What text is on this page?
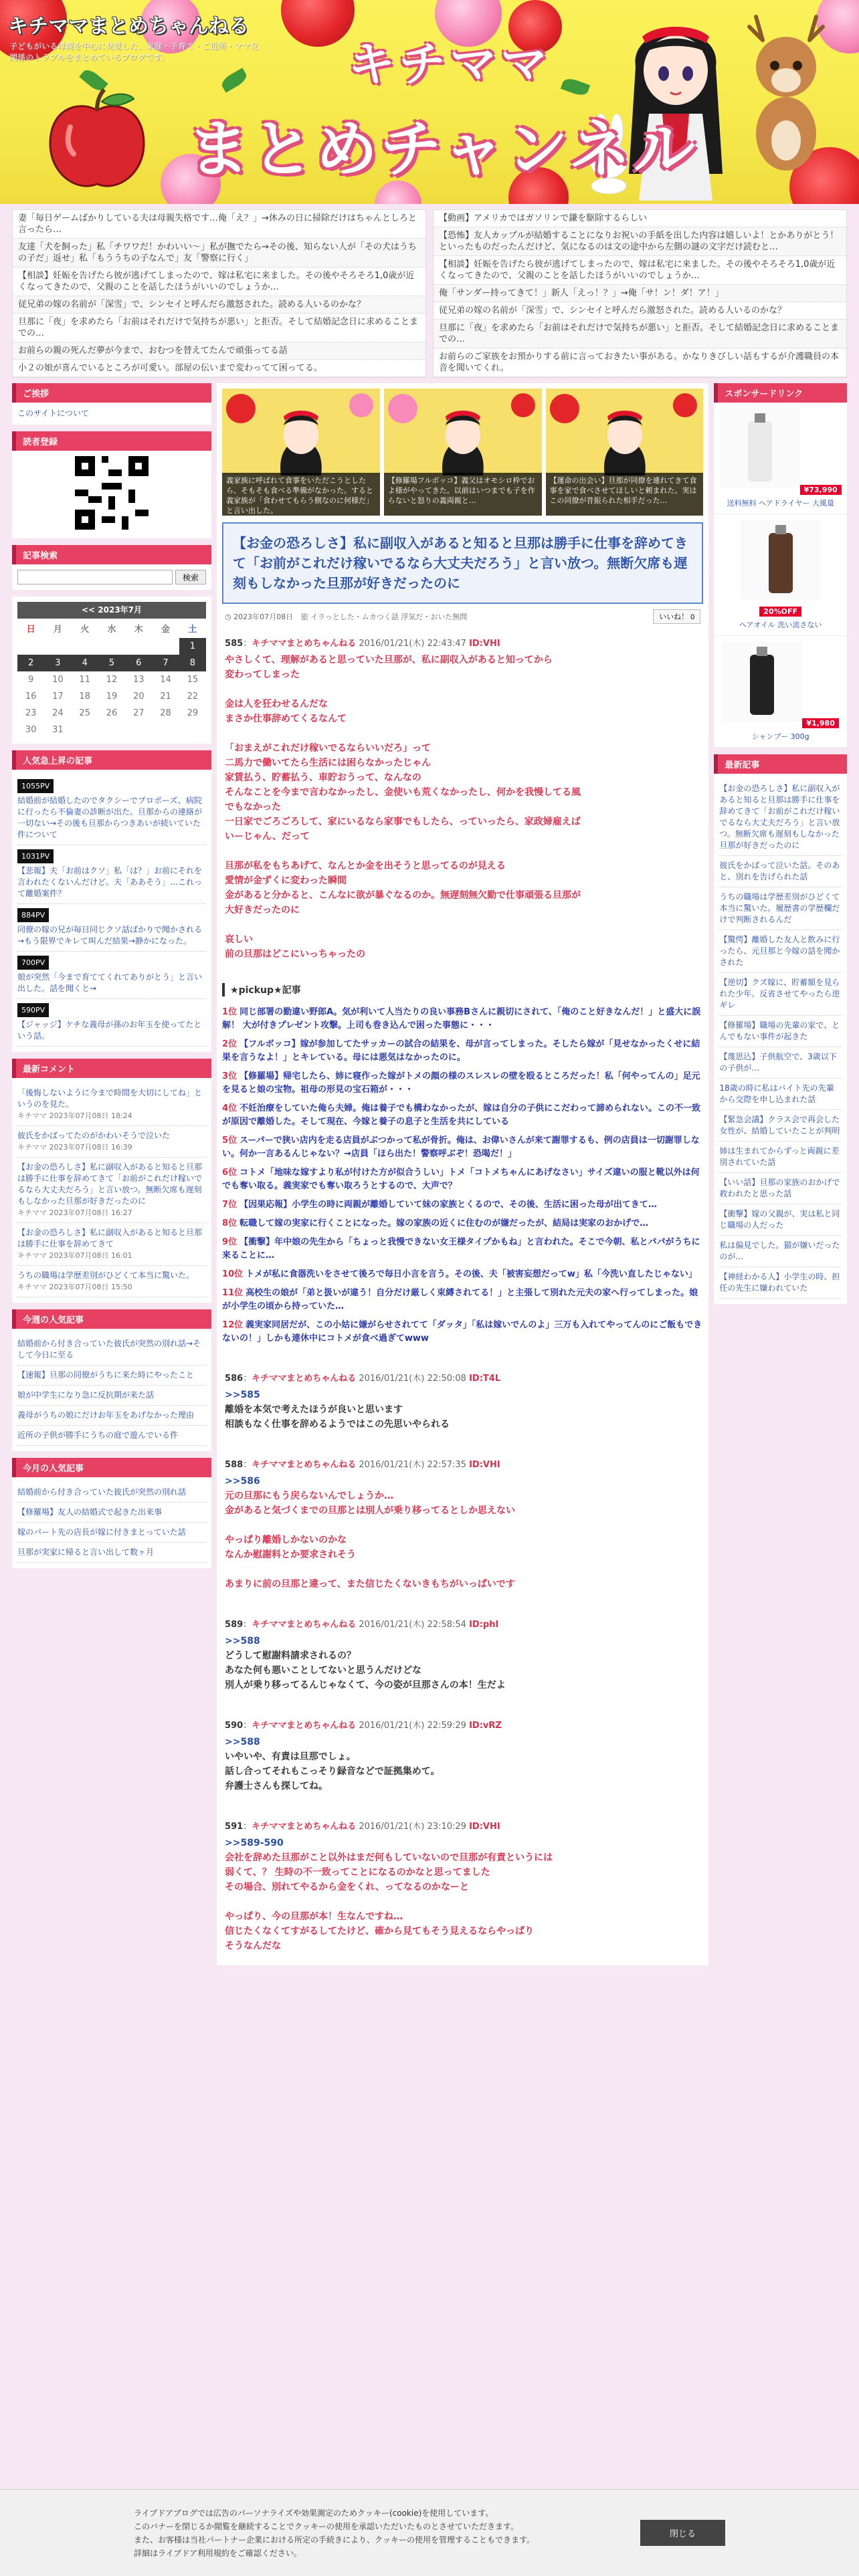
キチママまとめちゃんねる
子どもがいる母親を中心に発覚した、家庭・子育て・ご近所・ママ友関係のトラブルをまとめているブログです。	キチママ
まとめチャンネル
妻「毎日ゲームばかりしている夫は母親失格です…俺「え？」→休みの日に掃除だけはちゃんとしろと言ったら…
友達「犬を飼った」私「チワワだ！かわいい〜」私が撫でたら→その後、知らない人が「その犬はうちの子だ」返せ」私「もううちの子なんで」友「警察に行く」
【相談】妊娠を告げたら彼が逃げてしまったので、嫁は私宅に来ました。その後やそろそろ1,0歳が近くなってきたので、父親のことを話したほうがいいのでしょうか…
従兄弟の嫁の名前が「深雪」で、シンセイと呼んだら激怒された。読める人いるのかな？
旦那に「夜」を求めたら「お前はそれだけで気持ちが悪い」と拒否。そして結婚記念日に求めることまでの…
お前らの親の死んだ夢が今まで、おむつを替えてたんで頑張ってる話
小２の娘が喜んでいるところが可愛い。部屋の伝いまで変わってて困ってる。
【動画】アメリカではガソリンで鎌を駆除するらしい
【恐怖】友人カップルが結婚することになりお祝いの手紙を出した内容は嬉しいよ！とかありがとう！といったものだったんだけど、気になるのは文の途中から左側の謎の文字だけ読むと…
【相談】妊娠を告げたら彼が逃げてしまったので、嫁は私宅に来ました。その後やそろそろ1,0歳が近くなってきたので、父親のことを話したほうがいいのでしょうか…
俺「サンダー持ってきて！」新人「えっ！？」→俺「サ！ン！ダ！ア！」
従兄弟の嫁の名前が「深雪」で、シンセイと呼んだら激怒された。読める人いるのかな？
旦那に「夜」を求めたら「お前はそれだけで気持ちが悪い」と拒否。そして結婚記念日に求めることまでの…
お前らのご家族をお預かりする前に言っておきたい事がある。かなりきびしい話もするが介護職員の本音を聞いてくれ。
ご挨拶
このサイトについて
読者登録
記事検索
検索
<< 2023年7月
日	月	火	水	木	金	土
						1
2	3	4	5	6	7	8
9	10	11	12	13	14	15
16	17	18	19	20	21	22
23	24	25	26	27	28	29
30	31					
人気急上昇の記事
1055PV
結婚前が結婚したのでタクシーでプロポーズ、病院に行ったら不倫妻の診断が出た。旦那からの連絡が一切ない→その後も旦那からつきあいが続いていた件について
1031PV
【悲報】夫「お前はクソ」私「は？」お前にそれを言われたくないんだけど。夫「ああそう」…これって離婚案件？
884PV
同僚の嫁の兄が毎日同じクソ話ばかりで聞かされる→もう限界でキレて叫んだ結果→静かになった。
700PV
娘が突然「今まで育ててくれてありがとう」と言い出した。話を聞くと→
590PV
【ジャッジ】ケチな義母が孫のお年玉を使ってたという話。
最新コメント
「後悔しないように今まで時間を大切にしてね」というのを見た。
キチママ 2023年07月08日 18:24
彼氏をかばってたのがかわいそうで泣いた
キチママ 2023年07月08日 16:39
【お金の恐ろしさ】私に副収入があると知ると旦那は勝手に仕事を辞めてきて「お前がこれだけ稼いでるなら大丈夫だろう」と言い放つ。無断欠席も遅刻もしなかった旦那が好きだったのに
キチママ 2023年07月08日 16:27
【お金の恐ろしさ】私に副収入があると知ると旦那は勝手に仕事を辞めてきて
キチママ 2023年07月08日 16:01
うちの職場は学歴差別がひどくて本当に驚いた。
キチママ 2023年07月08日 15:50
今週の人気記事
結婚前から付き合っていた彼氏が突然の別れ話→そして今日に至る
【速報】旦那の同僚がうちに来た時にやったこと
娘が中学生になり急に反抗期が来た話
義母がうちの娘にだけお年玉をあげなかった理由
近所の子供が勝手にうちの庭で遊んでいる件
今月の人気記事
結婚前から付き合っていた彼氏が突然の別れ話
【修羅場】友人の結婚式で起きた出来事
嫁のパート先の店長が嫁に付きまとっていた話
旦那が実家に帰ると言い出して数ヶ月
義家族に呼ばれて食事をいただこうとしたら、そもそも食べる準備がなかった。すると義家族が「食わせてもらう側なのに何様だ」と言い出した。
【修羅場フルボッコ】義父はオモシロ枠でおよ様がやってきた。以前はいつまでも子を作らないと怒りの義両親と…
【運命の出会い】旦那が同僚を連れてきて食事を家で食べさせてほしいと頼まれた。実はこの同僚が昔振られた相手だった…
【お金の恐ろしさ】私に副収入があると知ると旦那は勝手に仕事を辞めてきて「お前がこれだけ稼いでるなら大丈夫だろう」と言い放つ。無断欠席も遅刻もしなかった旦那が好きだったのに
◷ 2023年07月08日 旅 イラっとした・ムカつく話 浮気だ・おいた無問	いいね！ 0
585：キチママまとめちゃんねる 2016/01/21(木) 22:43:47 ID:VHI

やさしくて、理解があると思っていた旦那が、私に副収入があると知ってから

変わってしまった

金は人を狂わせるんだな

まさか仕事辞めてくるなんて

「おまえがこれだけ稼いでるならいいだろ」って

二馬力で働いてたら生活には困らなかったじゃん

家賃払う、貯蓄払う、車貯おうって、なんなの

そんなことを今まで言わなかったし、金使いも荒くなかったし、何かを我慢してる風

でもなかった

一日家でごろごろして、家にいるなら家事でもしたら、っていったら、家政婦雇えば

いーじゃん、だって

旦那が私をもちあげて、なんとか金を出そうと思ってるのが見える

愛情が金ずくに変わった瞬間

金があると分かると、こんなに欲が暴ぐなるのか。無遅刻無欠勤で仕事頑張る旦那が

大好きだったのに

哀しい

前の旦那はどこにいっちゃったの

★pickup★記事
1位 同じ部署の勤違い野郎A。気が利いて人当たりの良い事務Bさんに親切にされて、「俺のこと好きなんだ！」と盛大に誤解！ 大が付きプレゼント攻撃。上司も巻き込んで困った事態に・・・
2位 【フルボッコ】嫁が参加してたサッカーの試合の結果を、母が言ってしまった。そしたら嫁が「見せなかったくせに結果を言うなよ！」とキレている。母には悪気はなかったのに。
3位 【修羅場】帰宅したら、姉に寝作った嫁がトメの顔の様のスレスレの壁を殴るところだった！私「何やってんの」足元を見ると娘の宝物。祖母の形見の宝石箱が・・・
4位 不妊治療をしていた俺ら夫婦。俺は養子でも構わなかったが、嫁は自分の子供にこだわって諦められない。この不一致が原因で離婚した。そして現在、今嫁と養子の息子と生活を共にしている
5位 スーパーで狭い店内を走る店員がぶつかって私が骨折。俺は、お偉いさんが来て謝罪するも、例の店員は一切謝罪しない。何か一言あるんじゃない？→店員「ほら出た！警察呼ぶぞ！恐喝だ！」
6位 コトメ「地味な嫁すより私が付けた方が似合うしい」トメ「コトメちゃんにあげなさい」サイズ違いの服と靴以外は何でも奪い取る。義実家でも奪い取ろうとするので、大声で？
7位 【因果応報】小学生の時に両親が離婚していて妹の家族とくるので、その後、生活に困った母が出てきて…
8位 転職して嫁の実家に行くことになった。嫁の家族の近くに住むのが嫌だったが、結局は実家のおかげで…
9位 【衝撃】年中娘の先生から「ちょっと我慢できない女王様タイプかもね」と言われた。そこで今朝、私とパパがうちに来ることに…
10位 トメが私に食器洗いをさせて後ろで毎日小言を言う。その後、夫「被害妄想だってw」私「今洗い直したじゃない」
11位 高校生の娘が「弟と扱いが違う！自分だけ厳しく束縛されてる！」と主張して別れた元夫の家へ行ってしまった。娘が小学生の頃から持っていた…
12位 義実家同居だが、この小姑に嫌がらせされてて「ダッタ」「私は嫁いでんのよ」三万も入れてやってんのにご飯もできないの！」しかも連休中にコトメが食べ過ぎてwww
586：キチママまとめちゃんねる 2016/01/21(木) 22:50:08 ID:T4L

>>585

離婚を本気で考えたほうが良いと思います

相談もなく仕事を辞めるようではこの先思いやられる

588：キチママまとめちゃんねる 2016/01/21(木) 22:57:35 ID:VHI

>>586

元の旦那にもう戻らないんでしょうか…

金があると気づくまでの旦那とは別人が乗り移ってるとしか思えない

やっぱり離婚しかないのかな

なんか慰謝料とか要求されそう

あまりに前の旦那と違って、また信じたくないきもちがいっぱいです

589：キチママまとめちゃんねる 2016/01/21(木) 22:58:54 ID:phI

>>588

どうして慰謝料請求されるの？

あなた何も悪いことしてないと思うんだけどな

別人が乗り移ってるんじゃなくて、今の姿が旦那さんの本！生だよ

590：キチママまとめちゃんねる 2016/01/21(木) 22:59:29 ID:vRZ

>>588

いやいや、有責は旦那でしょ。

話し合ってそれもこっそり録音などで証拠集めて。

弁護士さんも探してね。

591：キチママまとめちゃんねる 2016/01/21(木) 23:10:29 ID:VHI

>>589-590

会社を辞めた旦那がこと以外はまだ何もしていないので旦那が有責というには

弱くて、？ 生時の不一致ってことになるのかなと思ってました

その場合、別れてやるから金をくれ、ってなるのかなーと

やっぱり、今の旦那が本！生なんですね…

信じたくなくてすがるしてたけど、確から見てもそう見えるならやっぱり

そうなんだな

スポンサードリンク
¥73,990
送料無料 ヘアドライヤー 大風量
20%OFF
ヘアオイル 洗い流さない
¥1,980
シャンプー 300g
最新記事
【お金の恐ろしさ】私に副収入があると知ると旦那は勝手に仕事を辞めてきて「お前がこれだけ稼いでるなら大丈夫だろう」と言い放つ。無断欠席も遅刻もしなかった旦那が好きだったのに
彼氏をかばって泣いた話。そのあと、別れを告げられた話
うちの職場は学歴差別がひどくて本当に驚いた。履歴書の学歴欄だけで判断されるんだ
【驚愕】離婚した友人と飲みに行ったら、元旦那と今嫁の話を聞かされた
【逆切】クズ嫁に、貯蓄額を見られた少年。反省させてやったら逆ギレ
【修羅場】職場の先輩の家で、とんでもない事件が起きた
【蔑思込】子供航空で、3歳以下の子供が…
18歳の時に私はバイト先の先輩から交際を申し込まれた話
【緊急会議】クラス会で再会した女性が、結婚していたことが判明
姉は生まれてからずっと両親に差別されていた話
【いい話】旦那の家族のおかげで救われたと思った話
【衝撃】嫁の父親が、実は私と同じ職場の人だった
私は偏見でした。猫が嫌いだったのが…
【神経わかる人】小学生の時、担任の先生に嫌われていた
ライブドアブログでは広告のパーソナライズや効果測定のためクッキー(cookie)を使用しています。
このバナーを閉じるか閲覧を継続することでクッキーの使用を承認いただいたものとさせていただきます。
また、お客様は当社パートナー企業における所定の手続きにより、クッキーの使用を管理することもできます。
詳細はライブドア利用規約をご確認ください。
閉じる
